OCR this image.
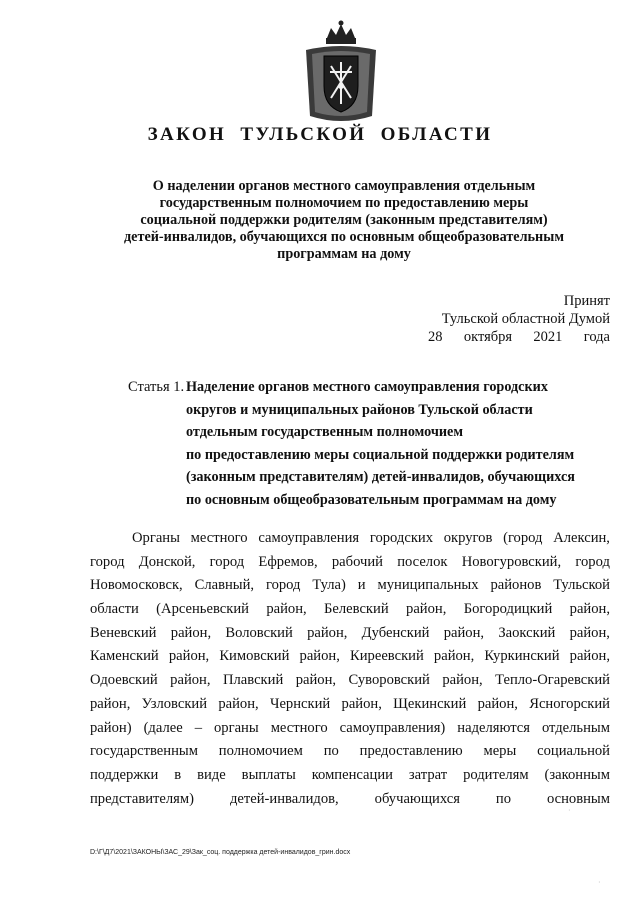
ЗАКОН ТУЛЬСКОЙ ОБЛАСТИ
О наделении органов местного самоуправления отдельным
государственным полномочием по предоставлению меры
социальной поддержки родителям (законным представителям)
детей-инвалидов, обучающихся по основным общеобразовательным
программам на дому
Принят
Тульской областной Думой
28 октября 2021 года
Статья 1. Наделение органов местного самоуправления городских
округов и муниципальных районов Тульской области
отдельным государственным полномочием
по предоставлению меры социальной поддержки родителям
(законным представителям) детей-инвалидов, обучающихся
по основным общеобразовательным программам на дому
Органы местного самоуправления городских округов (город Алексин,
город Донской, город Ефремов, рабочий поселок Новогуровский, город
Новомосковск, Славный, город Тула) и муниципальных районов Тульской
области (Арсеньевский район, Белевский район, Богородицкий район,
Веневский район, Воловский район, Дубенский район, Заокский район,
Каменский район, Кимовский район, Киреевский район, Куркинский район,
Одоевский район, Плавский район, Суворовский район, Тепло-Огаревский
район, Узловский район, Чернский район, Щекинский район, Ясногорский
район) (далее – органы местного самоуправления) наделяются отдельным
государственным полномочием по предоставлению меры социальной
поддержки в виде выплаты компенсации затрат родителям (законным
представителям) детей-инвалидов, обучающихся по основным
·
·
D:\Г\Д7\2021\ЗАКОНЫ\ЗАС_29\Зак_соц. поддержка детей-инвалидов_грин.docx
